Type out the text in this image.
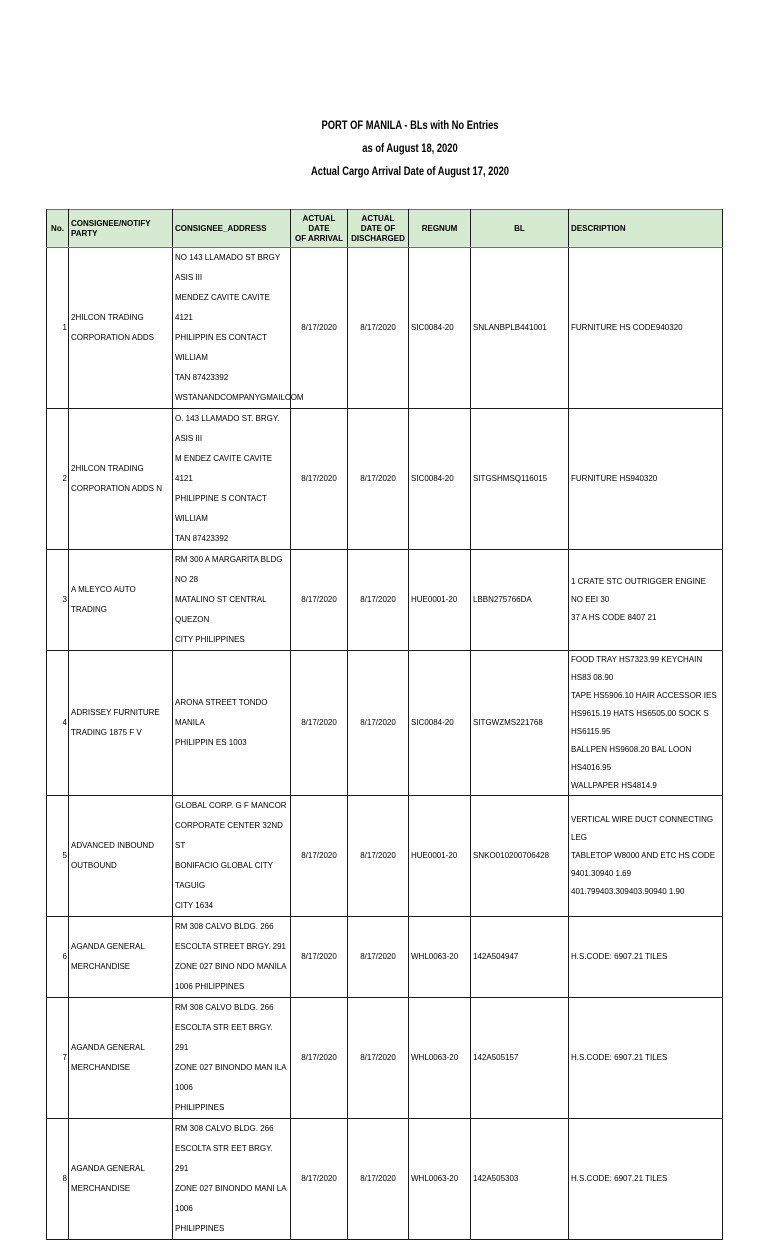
PORT OF MANILA - BLs with No Entries
as of August 18, 2020
Actual Cargo Arrival Date of August 17, 2020
No.	CONSIGNEE/NOTIFY PARTY	CONSIGNEE_ADDRESS	ACTUAL DATE
OF ARRIVAL	ACTUAL DATE OF
DISCHARGED	REGNUM	BL	DESCRIPTION

1	2HILCON TRADING
CORPORATION ADDS	NO 143 LLAMADO ST BRGY ASIS III
MENDEZ CAVITE CAVITE 4121
PHILIPPIN ES CONTACT WILLIAM
TAN 87423392
WSTANANDCOMPANYGMAILCOM	8/17/2020	8/17/2020	SIC0084-20	SNLANBPLB441001	FURNITURE HS CODE940320

2	2HILCON TRADING
CORPORATION ADDS N	O. 143 LLAMADO ST. BRGY. ASIS III
M ENDEZ CAVITE CAVITE 4121
PHILIPPINE S CONTACT WILLIAM
TAN 87423392	8/17/2020	8/17/2020	SIC0084-20	SITGSHMSQ116015	FURNITURE HS940320

3	A MLEYCO AUTO TRADING	RM 300 A MARGARITA BLDG NO 28
MATALINO ST CENTRAL QUEZON
CITY PHILIPPINES	8/17/2020	8/17/2020	HUE0001-20	LBBN275766DA	1 CRATE STC OUTRIGGER ENGINE NO EEI 30
37 A HS CODE 8407 21

4	ADRISSEY FURNITURE
TRADING 1875 F V	ARONA STREET TONDO MANILA
PHILIPPIN ES 1003	8/17/2020	8/17/2020	SIC0084-20	SITGWZMS221768	FOOD TRAY HS7323.99 KEYCHAIN HS83 08.90
TAPE HS5906.10 HAIR ACCESSOR IES
HS9615.19 HATS HS6505.00 SOCK S HS6115.95
BALLPEN HS9608.20 BAL LOON HS4016.95
WALLPAPER HS4814.9

5	ADVANCED INBOUND
OUTBOUND	GLOBAL CORP. G F MANCOR
CORPORATE CENTER 32ND ST
BONIFACIO GLOBAL CITY TAGUIG
CITY 1634	8/17/2020	8/17/2020	HUE0001-20	SNKO010200706428	VERTICAL WIRE DUCT CONNECTING LEG
TABLETOP W8000 AND ETC HS CODE
9401.30940 1.69 401.799403.309403.90940 1.90

6	AGANDA GENERAL
MERCHANDISE	RM 308 CALVO BLDG. 266
ESCOLTA STREET BRGY. 291
ZONE 027 BINO NDO MANILA
1006 PHILIPPINES	8/17/2020	8/17/2020	WHL0063-20	142A504947	H.S.CODE: 6907.21 TILES

7	AGANDA GENERAL
MERCHANDISE	RM 308 CALVO BLDG. 266
ESCOLTA STR EET BRGY. 291
ZONE 027 BINONDO MAN ILA 1006
PHILIPPINES	8/17/2020	8/17/2020	WHL0063-20	142A505157	H.S.CODE: 6907.21 TILES

8	AGANDA GENERAL
MERCHANDISE	RM 308 CALVO BLDG. 266
ESCOLTA STR EET BRGY. 291
ZONE 027 BINONDO MANI LA 1006
PHILIPPINES	8/17/2020	8/17/2020	WHL0063-20	142A505303	H.S.CODE: 6907.21 TILES
